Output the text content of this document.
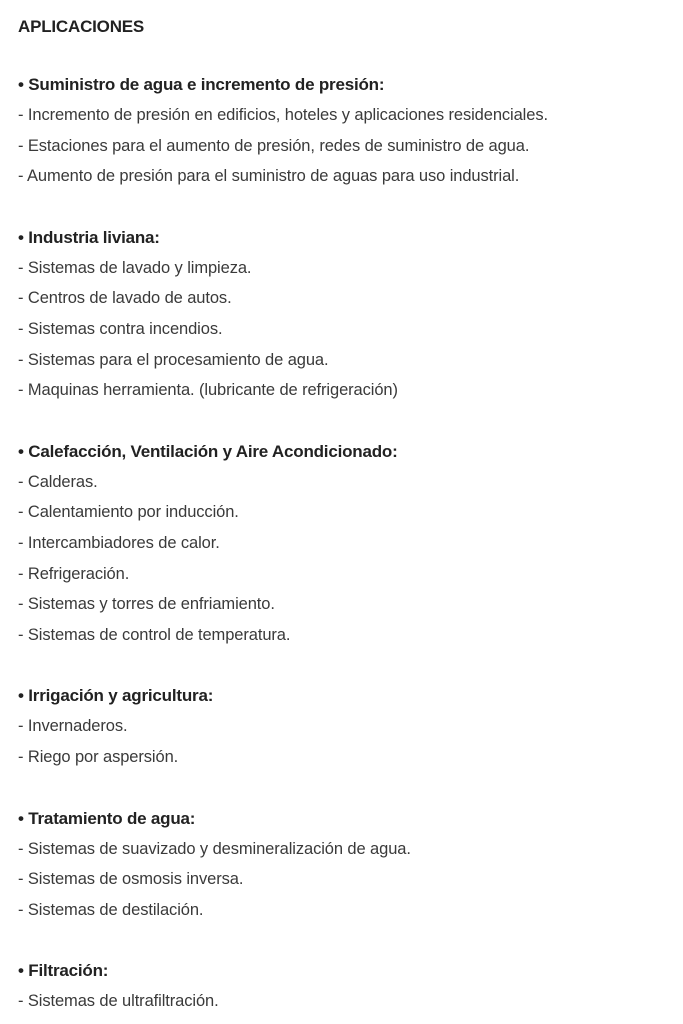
APLICACIONES
• Suministro de agua e incremento de presión:
- Incremento de presión en edificios, hoteles y aplicaciones residenciales.
- Estaciones para el aumento de presión, redes de suministro de agua.
- Aumento de presión para el suministro de aguas para uso industrial.
• Industria liviana:
- Sistemas de lavado y limpieza.
- Centros de lavado de autos.
- Sistemas contra incendios.
- Sistemas para el procesamiento de agua.
- Maquinas herramienta. (lubricante de refrigeración)
• Calefacción, Ventilación y Aire Acondicionado:
- Calderas.
- Calentamiento por inducción.
- Intercambiadores de calor.
- Refrigeración.
- Sistemas y torres de enfriamiento.
- Sistemas de control de temperatura.
• Irrigación y agricultura:
- Invernaderos.
- Riego por aspersión.
• Tratamiento de agua:
- Sistemas de suavizado y desmineralización de agua.
- Sistemas de osmosis inversa.
- Sistemas de destilación.
• Filtración:
- Sistemas de ultrafiltración.
